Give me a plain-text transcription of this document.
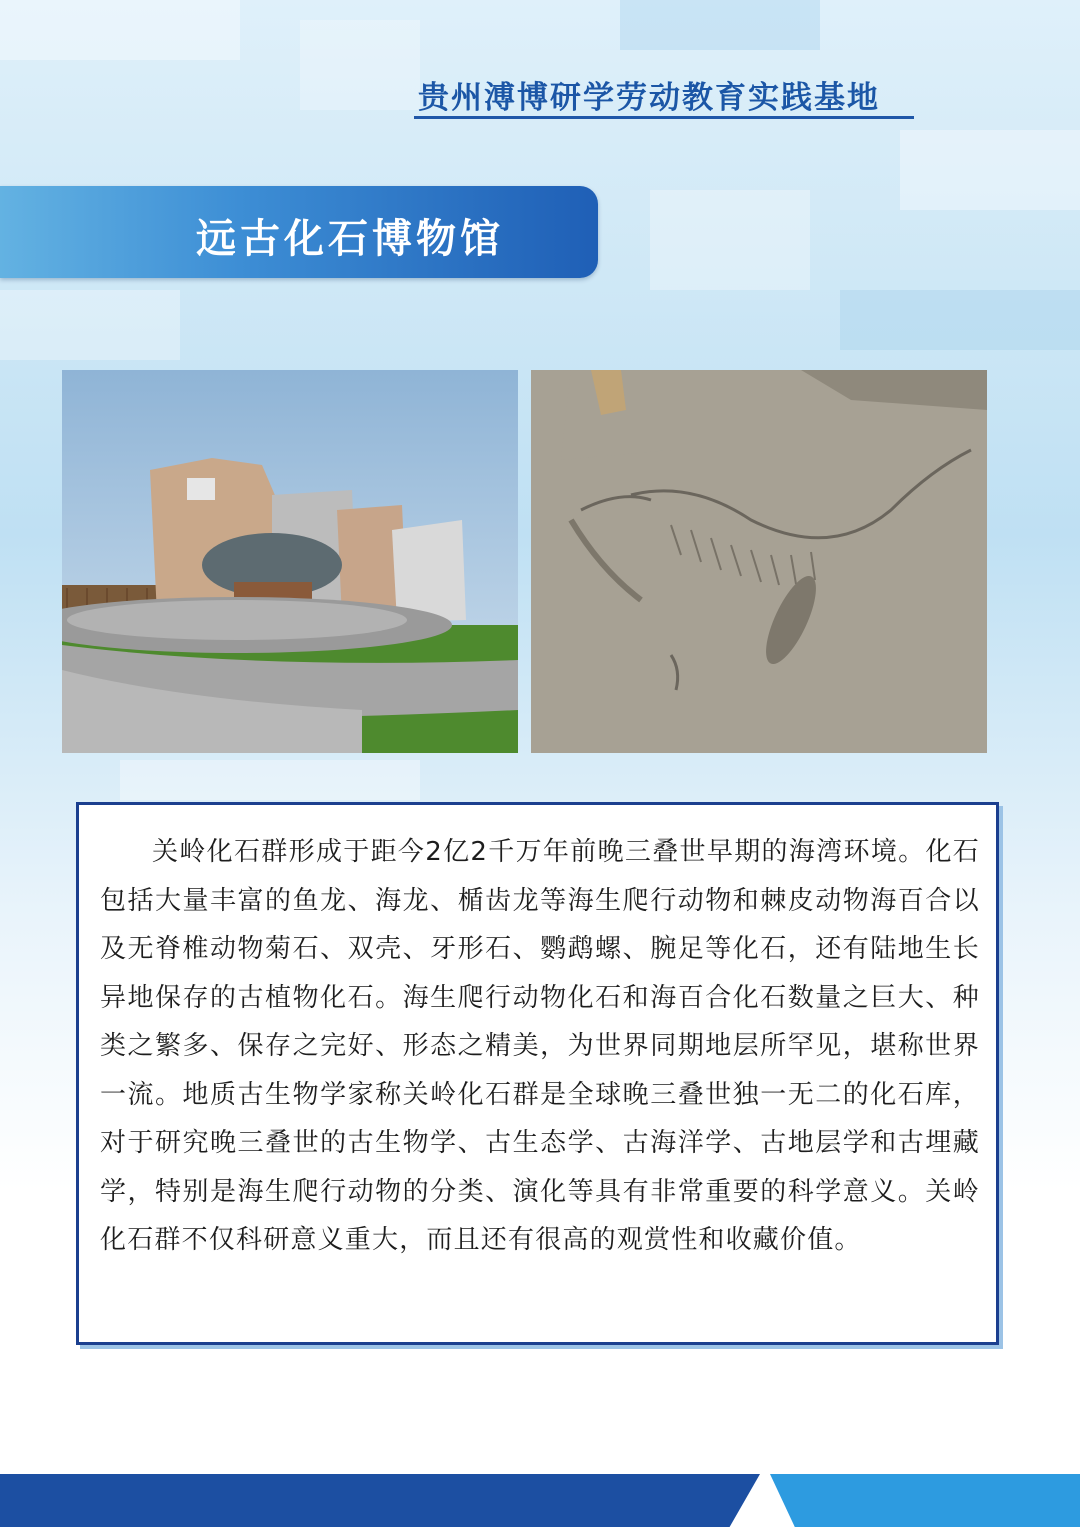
贵州溥博研学劳动教育实践基地
远古化石博物馆

关岭化石群形成于距今2亿2千万年前晚三叠世早期的海湾环境。化石包括大量丰富的鱼龙、海龙、楯齿龙等海生爬行动物和棘皮动物海百合以及无脊椎动物菊石、双壳、牙形石、鹦鹉螺、腕足等化石，还有陆地生长异地保存的古植物化石。海生爬行动物化石和海百合化石数量之巨大、种类之繁多、保存之完好、形态之精美，为世界同期地层所罕见，堪称世界一流。地质古生物学家称关岭化石群是全球晚三叠世独一无二的化石库，对于研究晚三叠世的古生物学、古生态学、古海洋学、古地层学和古埋藏学，特别是海生爬行动物的分类、演化等具有非常重要的科学意义。关岭化石群不仅科研意义重大，而且还有很高的观赏性和收藏价值。
